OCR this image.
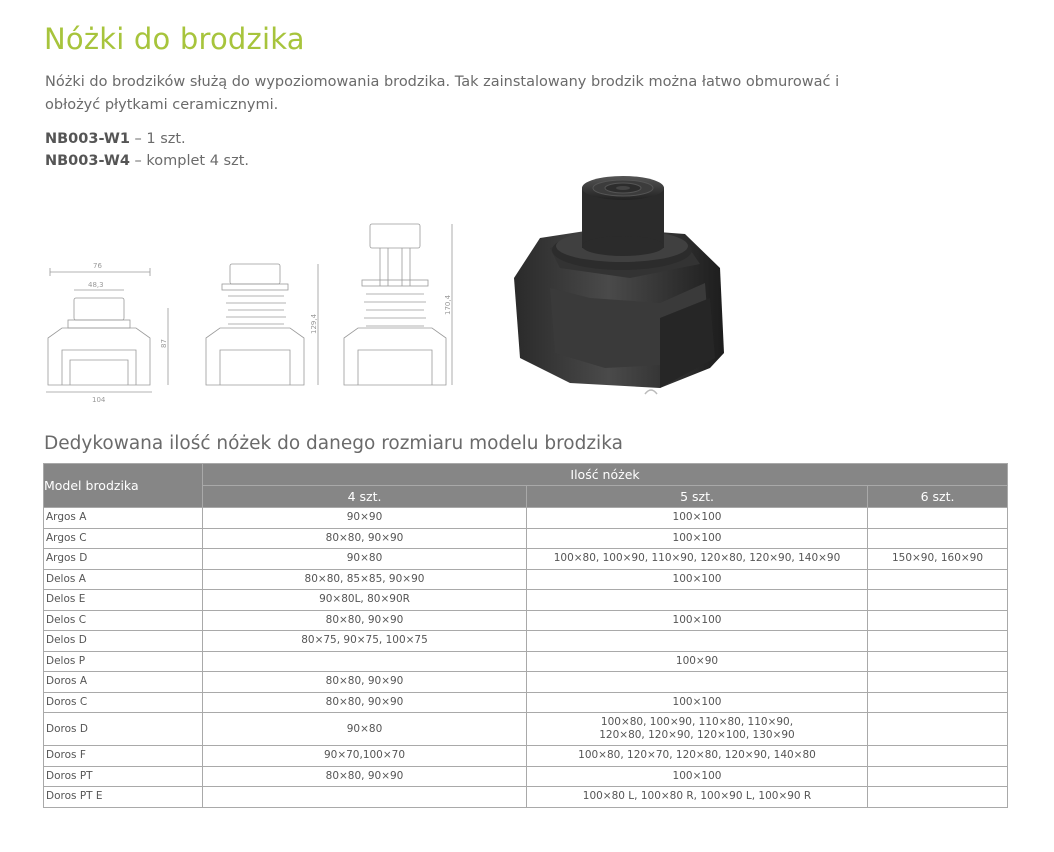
Nóżki do brodzika

Nóżki do brodzików służą do wypoziomowania brodzika. Tak zainstalowany brodzik można łatwo obmurować i obłożyć płytkami ceramicznymi.

NB003-W1 – 1 szt.
NB003-W4 – komplet 4 szt.
76
48,3
104
87
129,4
170,4
Dedykowana ilość nóżek do danego rozmiaru modelu brodzika
Model brodzika	Ilość nóżek		
	4 szt.	5 szt.	6 szt.
Argos A	90×90	100×100	
Argos C	80×80, 90×90	100×100	
Argos D	90×80	100×80, 100×90, 110×90, 120×80, 120×90, 140×90	150×90, 160×90
Delos A	80×80, 85×85, 90×90	100×100	
Delos E	90×80L, 80×90R		
Delos C	80×80, 90×90	100×100	
Delos D	80×75, 90×75, 100×75		
Delos P		100×90	
Doros A	80×80, 90×90		
Doros C	80×80, 90×90	100×100	
Doros D	90×80	100×80, 100×90, 110×80, 110×90,
120×80, 120×90, 120×100, 130×90	
Doros F	90×70,100×70	100×80, 120×70, 120×80, 120×90, 140×80	
Doros PT	80×80, 90×90	100×100	
Doros PT E		100×80 L, 100×80 R, 100×90 L, 100×90 R	
